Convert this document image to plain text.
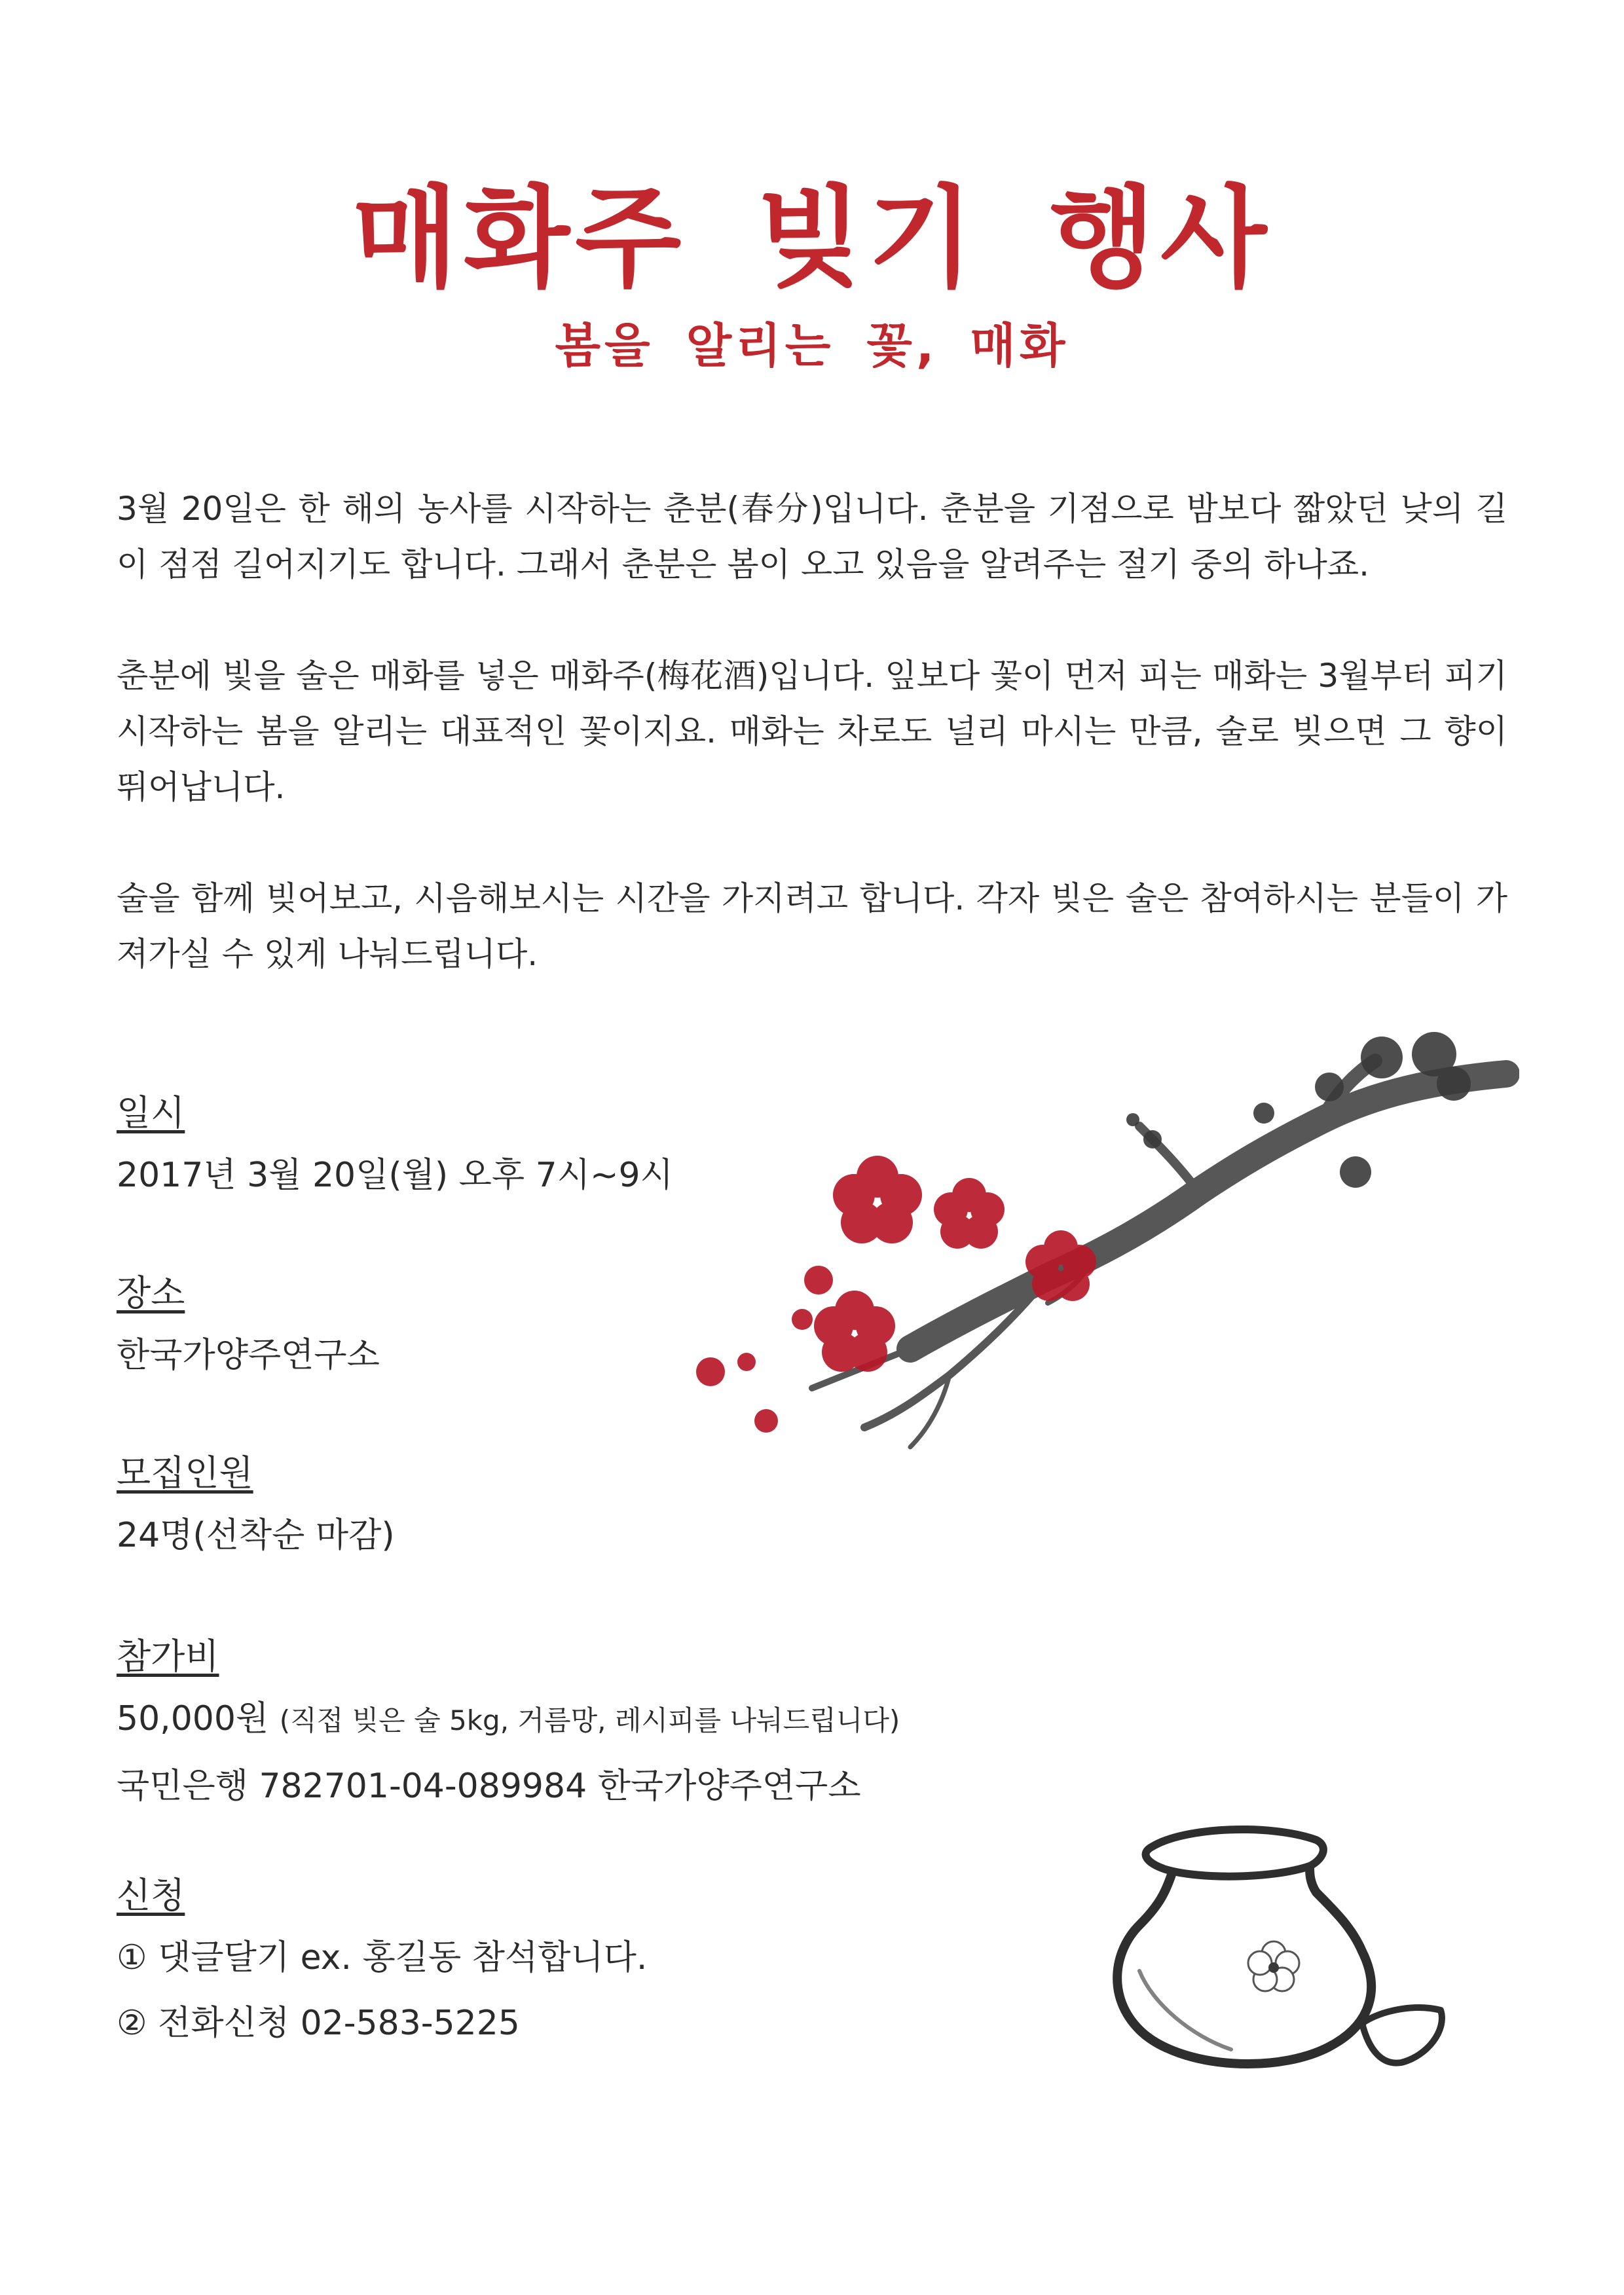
매화주 빚기 행사
봄을 알리는 꽃, 매화

3월 20일은 한 해의 농사를 시작하는 춘분(春分)입니다. 춘분을 기점으로 밤보다 짧았던 낮의 길이 점점 길어지기도 합니다. 그래서 춘분은 봄이 오고 있음을 알려주는 절기 중의 하나죠.

춘분에 빛을 술은 매화를 넣은 매화주(梅花酒)입니다. 잎보다 꽃이 먼저 피는 매화는 3월부터 피기 시작하는 봄을 알리는 대표적인 꽃이지요. 매화는 차로도 널리 마시는 만큼, 술로 빚으면 그 향이 뛰어납니다.

술을 함께 빚어보고, 시음해보시는 시간을 가지려고 합니다. 각자 빚은 술은 참여하시는 분들이 가져가실 수 있게 나눠드립니다.

일시

2017년 3월 20일(월) 오후 7시~9시

장소

한국가양주연구소

모집인원

24명(선착순 마감)

참가비

50,000원 (직접 빚은 술 5kg, 거름망, 레시피를 나눠드립니다)

국민은행 782701-04-089984 한국가양주연구소

신청

① 댓글달기 ex. 홍길동 참석합니다.

② 전화신청 02-583-5225
